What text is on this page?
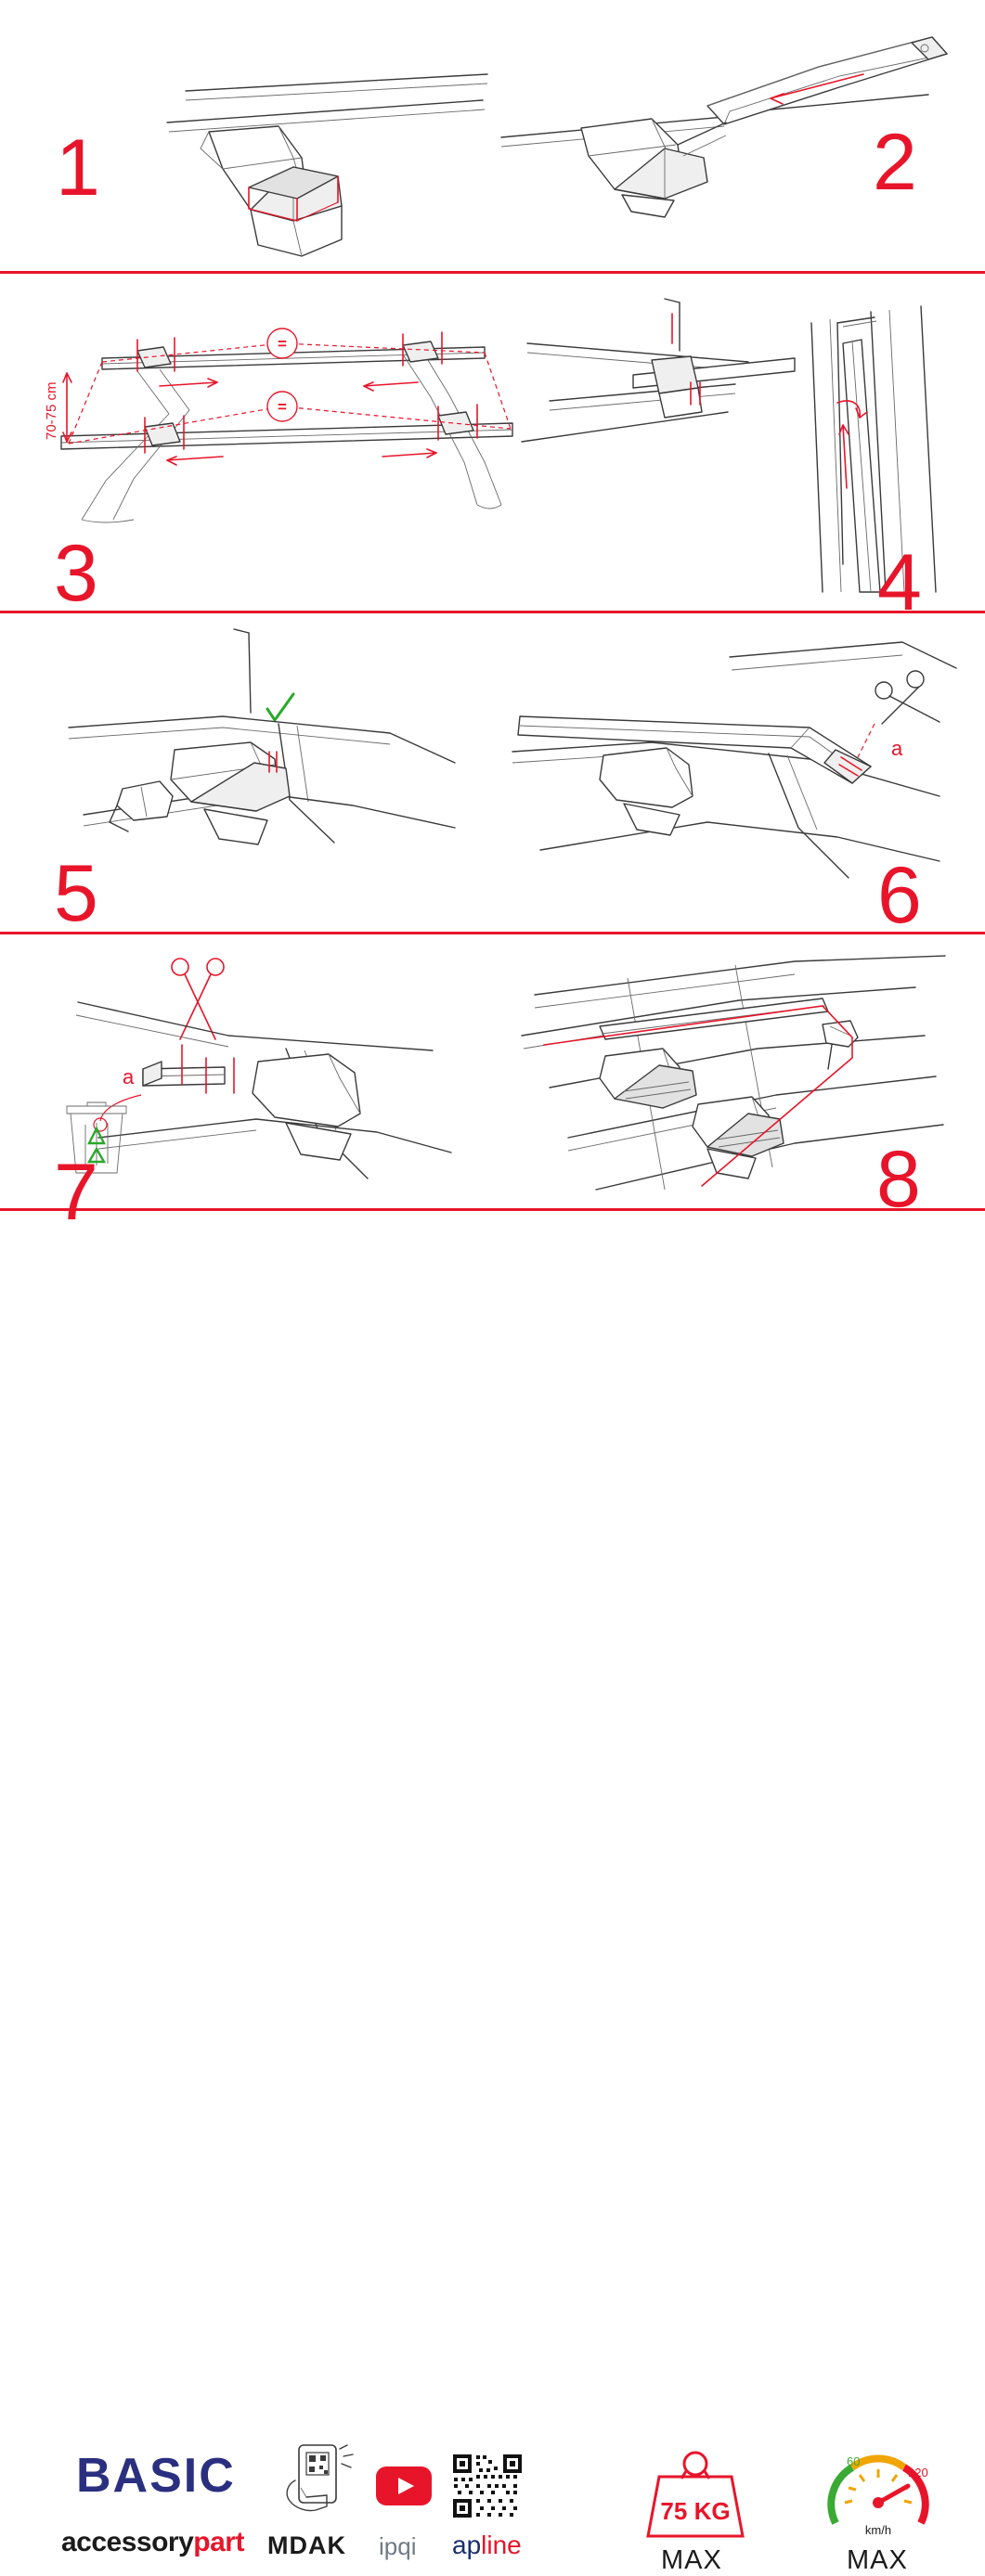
1	2
70-75 cm
=
=
3	4
5
a
6
a
7	8
BASIC
accessorypart MDAK ipqi apline
75 KG
MAX
60
120
km/h
MAX
